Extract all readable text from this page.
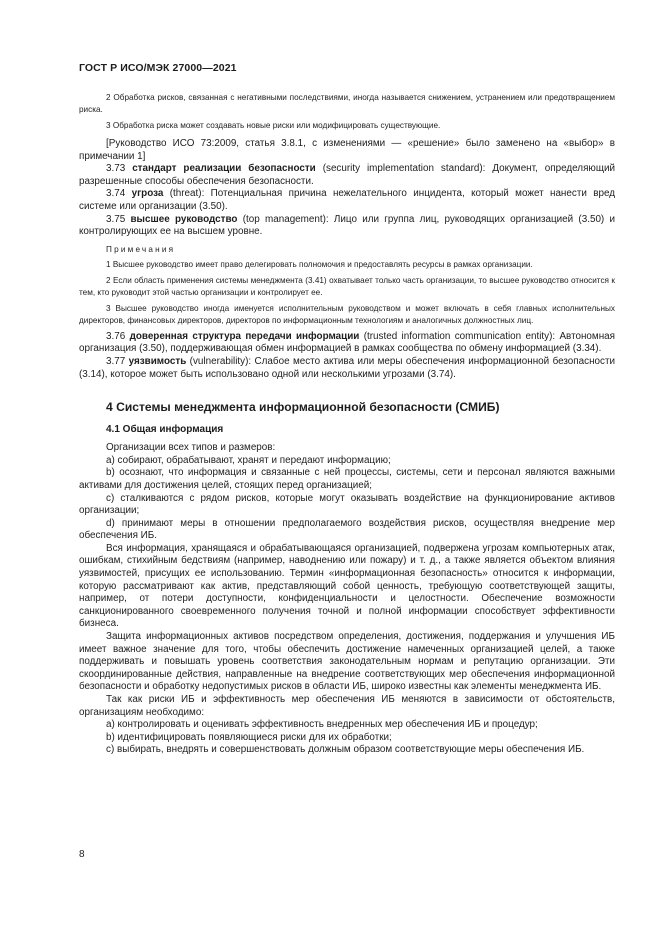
ГОСТ Р ИСО/МЭК 27000—2021

2 Обработка рисков, связанная с негативными последствиями, иногда называется снижением, устранением или предотвращением риска.

3 Обработка риска может создавать новые риски или модифицировать существующие.

[Руководство ИСО 73:2009, статья 3.8.1, с изменениями — «решение» было заменено на «выбор» в примечании 1]

3.73 стандарт реализации безопасности (security implementation standard): Документ, определяющий разрешенные способы обеспечения безопасности.

3.74 угроза (threat): Потенциальная причина нежелательного инцидента, который может нанести вред системе или организации (3.50).

3.75 высшее руководство (top management): Лицо или группа лиц, руководящих организацией (3.50) и контролирующих ее на высшем уровне.

Примечания

1 Высшее руководство имеет право делегировать полномочия и предоставлять ресурсы в рамках организации.

2 Если область применения системы менеджмента (3.41) охватывает только часть организации, то высшее руководство относится к тем, кто руководит этой частью организации и контролирует ее.

3 Высшее руководство иногда именуется исполнительным руководством и может включать в себя главных исполнительных директоров, финансовых директоров, директоров по информационным технологиям и аналогичных должностных лиц.

3.76 доверенная структура передачи информации (trusted information communication entity): Автономная организация (3.50), поддерживающая обмен информацией в рамках сообщества по обмену информацией (3.34).

3.77 уязвимость (vulnerability): Слабое место актива или меры обеспечения информационной безопасности (3.14), которое может быть использовано одной или несколькими угрозами (3.74).

4 Системы менеджмента информационной безопасности (СМИБ)
4.1 Общая информация

Организации всех типов и размеров:

a) собирают, обрабатывают, хранят и передают информацию;

b) осознают, что информация и связанные с ней процессы, системы, сети и персонал являются важными активами для достижения целей, стоящих перед организацией;

c) сталкиваются с рядом рисков, которые могут оказывать воздействие на функционирование активов организации;

d) принимают меры в отношении предполагаемого воздействия рисков, осуществляя внедрение мер обеспечения ИБ.

Вся информация, хранящаяся и обрабатывающаяся организацией, подвержена угрозам компьютерных атак, ошибкам, стихийным бедствиям (например, наводнению или пожару) и т. д., а также является объектом влияния уязвимостей, присущих ее использованию. Термин «информационная безопасность» относится к информации, которую рассматривают как актив, представляющий собой ценность, требующую соответствующей защиты, например, от потери доступности, конфиденциальности и целостности. Обеспечение возможности санкционированного своевременного получения точной и полной информации способствует эффективности бизнеса.

Защита информационных активов посредством определения, достижения, поддержания и улучшения ИБ имеет важное значение для того, чтобы обеспечить достижение намеченных организацией целей, а также поддерживать и повышать уровень соответствия законодательным нормам и репутацию организации. Эти скоординированные действия, направленные на внедрение соответствующих мер обеспечения информационной безопасности и обработку недопустимых рисков в области ИБ, широко известны как элементы менеджмента ИБ.

Так как риски ИБ и эффективность мер обеспечения ИБ меняются в зависимости от обстоятельств, организациям необходимо:

a) контролировать и оценивать эффективность внедренных мер обеспечения ИБ и процедур;

b) идентифицировать появляющиеся риски для их обработки;

c) выбирать, внедрять и совершенствовать должным образом соответствующие меры обеспечения ИБ.

8
